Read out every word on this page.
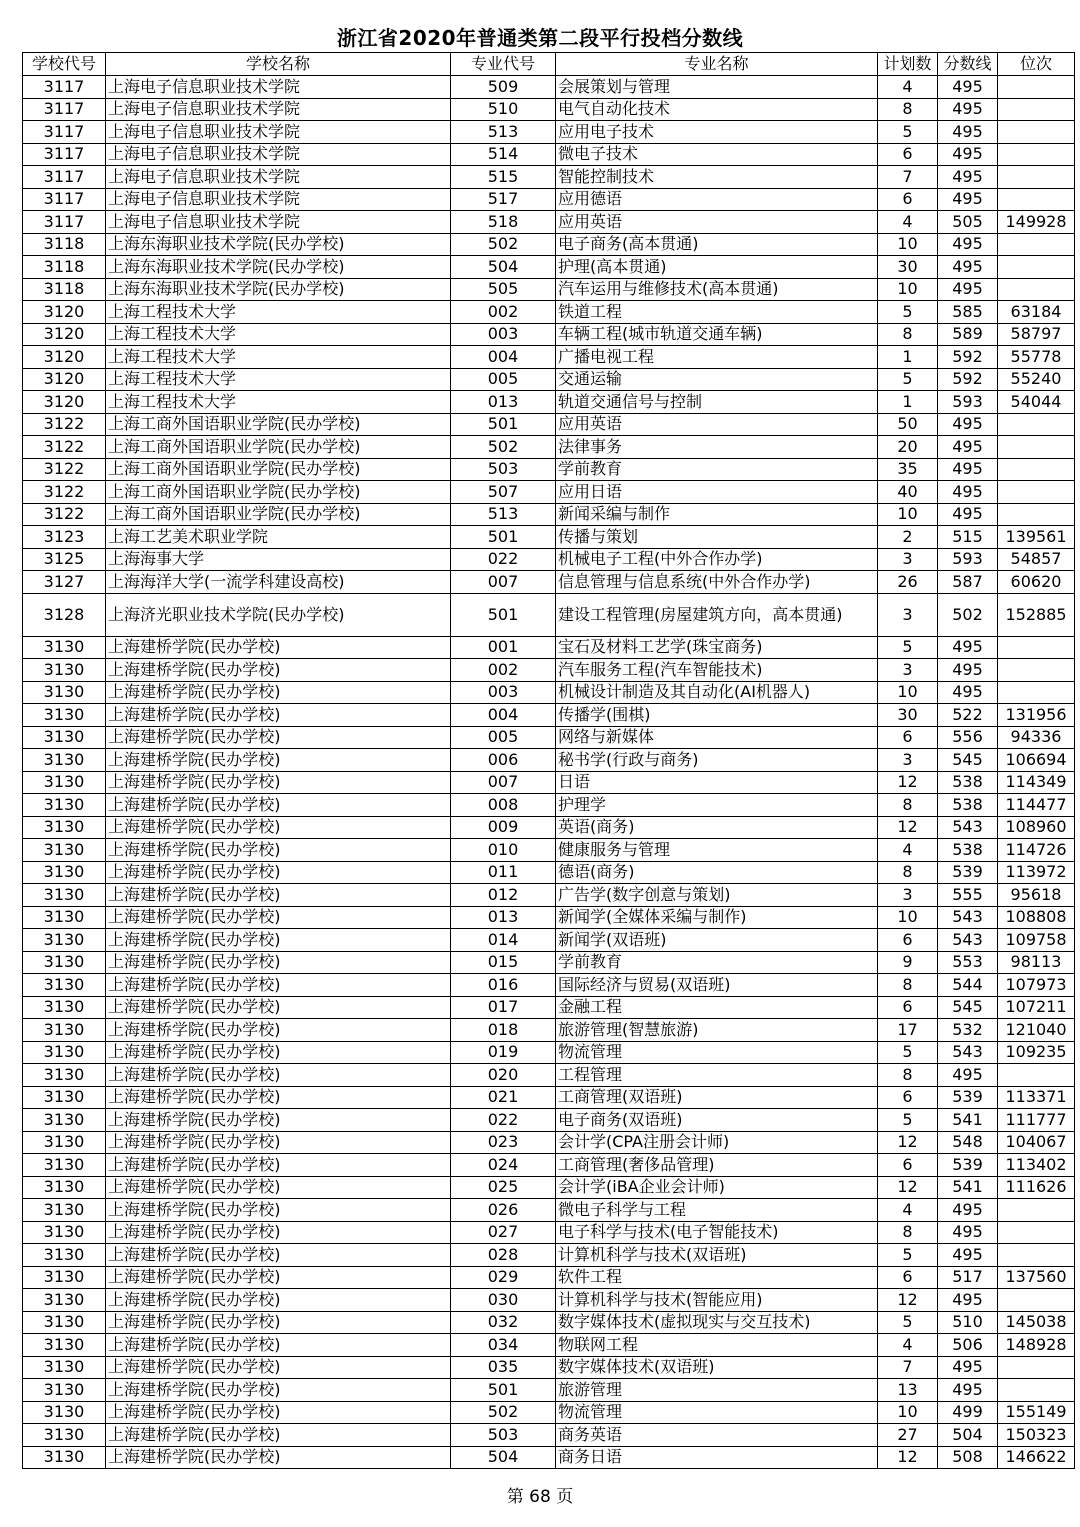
浙江省2020年普通类第二段平行投档分数线
学校代号	学校名称	专业代号	专业名称	计划数	分数线	位次
3117	上海电子信息职业技术学院	509	会展策划与管理	4	495	
3117	上海电子信息职业技术学院	510	电气自动化技术	8	495	
3117	上海电子信息职业技术学院	513	应用电子技术	5	495	
3117	上海电子信息职业技术学院	514	微电子技术	6	495	
3117	上海电子信息职业技术学院	515	智能控制技术	7	495	
3117	上海电子信息职业技术学院	517	应用德语	6	495	
3117	上海电子信息职业技术学院	518	应用英语	4	505	149928
3118	上海东海职业技术学院(民办学校)	502	电子商务(高本贯通)	10	495	
3118	上海东海职业技术学院(民办学校)	504	护理(高本贯通)	30	495	
3118	上海东海职业技术学院(民办学校)	505	汽车运用与维修技术(高本贯通)	10	495	
3120	上海工程技术大学	002	铁道工程	5	585	63184
3120	上海工程技术大学	003	车辆工程(城市轨道交通车辆)	8	589	58797
3120	上海工程技术大学	004	广播电视工程	1	592	55778
3120	上海工程技术大学	005	交通运输	5	592	55240
3120	上海工程技术大学	013	轨道交通信号与控制	1	593	54044
3122	上海工商外国语职业学院(民办学校)	501	应用英语	50	495	
3122	上海工商外国语职业学院(民办学校)	502	法律事务	20	495	
3122	上海工商外国语职业学院(民办学校)	503	学前教育	35	495	
3122	上海工商外国语职业学院(民办学校)	507	应用日语	40	495	
3122	上海工商外国语职业学院(民办学校)	513	新闻采编与制作	10	495	
3123	上海工艺美术职业学院	501	传播与策划	2	515	139561
3125	上海海事大学	022	机械电子工程(中外合作办学)	3	593	54857
3127	上海海洋大学(一流学科建设高校)	007	信息管理与信息系统(中外合作办学)	26	587	60620
3128	上海济光职业技术学院(民办学校)	501	建设工程管理(房屋建筑方向，高本贯通)	3	502	152885
3130	上海建桥学院(民办学校)	001	宝石及材料工艺学(珠宝商务)	5	495	
3130	上海建桥学院(民办学校)	002	汽车服务工程(汽车智能技术)	3	495	
3130	上海建桥学院(民办学校)	003	机械设计制造及其自动化(AI机器人)	10	495	
3130	上海建桥学院(民办学校)	004	传播学(围棋)	30	522	131956
3130	上海建桥学院(民办学校)	005	网络与新媒体	6	556	94336
3130	上海建桥学院(民办学校)	006	秘书学(行政与商务)	3	545	106694
3130	上海建桥学院(民办学校)	007	日语	12	538	114349
3130	上海建桥学院(民办学校)	008	护理学	8	538	114477
3130	上海建桥学院(民办学校)	009	英语(商务)	12	543	108960
3130	上海建桥学院(民办学校)	010	健康服务与管理	4	538	114726
3130	上海建桥学院(民办学校)	011	德语(商务)	8	539	113972
3130	上海建桥学院(民办学校)	012	广告学(数字创意与策划)	3	555	95618
3130	上海建桥学院(民办学校)	013	新闻学(全媒体采编与制作)	10	543	108808
3130	上海建桥学院(民办学校)	014	新闻学(双语班)	6	543	109758
3130	上海建桥学院(民办学校)	015	学前教育	9	553	98113
3130	上海建桥学院(民办学校)	016	国际经济与贸易(双语班)	8	544	107973
3130	上海建桥学院(民办学校)	017	金融工程	6	545	107211
3130	上海建桥学院(民办学校)	018	旅游管理(智慧旅游)	17	532	121040
3130	上海建桥学院(民办学校)	019	物流管理	5	543	109235
3130	上海建桥学院(民办学校)	020	工程管理	8	495	
3130	上海建桥学院(民办学校)	021	工商管理(双语班)	6	539	113371
3130	上海建桥学院(民办学校)	022	电子商务(双语班)	5	541	111777
3130	上海建桥学院(民办学校)	023	会计学(CPA注册会计师)	12	548	104067
3130	上海建桥学院(民办学校)	024	工商管理(奢侈品管理)	6	539	113402
3130	上海建桥学院(民办学校)	025	会计学(iBA企业会计师)	12	541	111626
3130	上海建桥学院(民办学校)	026	微电子科学与工程	4	495	
3130	上海建桥学院(民办学校)	027	电子科学与技术(电子智能技术)	8	495	
3130	上海建桥学院(民办学校)	028	计算机科学与技术(双语班)	5	495	
3130	上海建桥学院(民办学校)	029	软件工程	6	517	137560
3130	上海建桥学院(民办学校)	030	计算机科学与技术(智能应用)	12	495	
3130	上海建桥学院(民办学校)	032	数字媒体技术(虚拟现实与交互技术)	5	510	145038
3130	上海建桥学院(民办学校)	034	物联网工程	4	506	148928
3130	上海建桥学院(民办学校)	035	数字媒体技术(双语班)	7	495	
3130	上海建桥学院(民办学校)	501	旅游管理	13	495	
3130	上海建桥学院(民办学校)	502	物流管理	10	499	155149
3130	上海建桥学院(民办学校)	503	商务英语	27	504	150323
3130	上海建桥学院(民办学校)	504	商务日语	12	508	146622
第 68 页
